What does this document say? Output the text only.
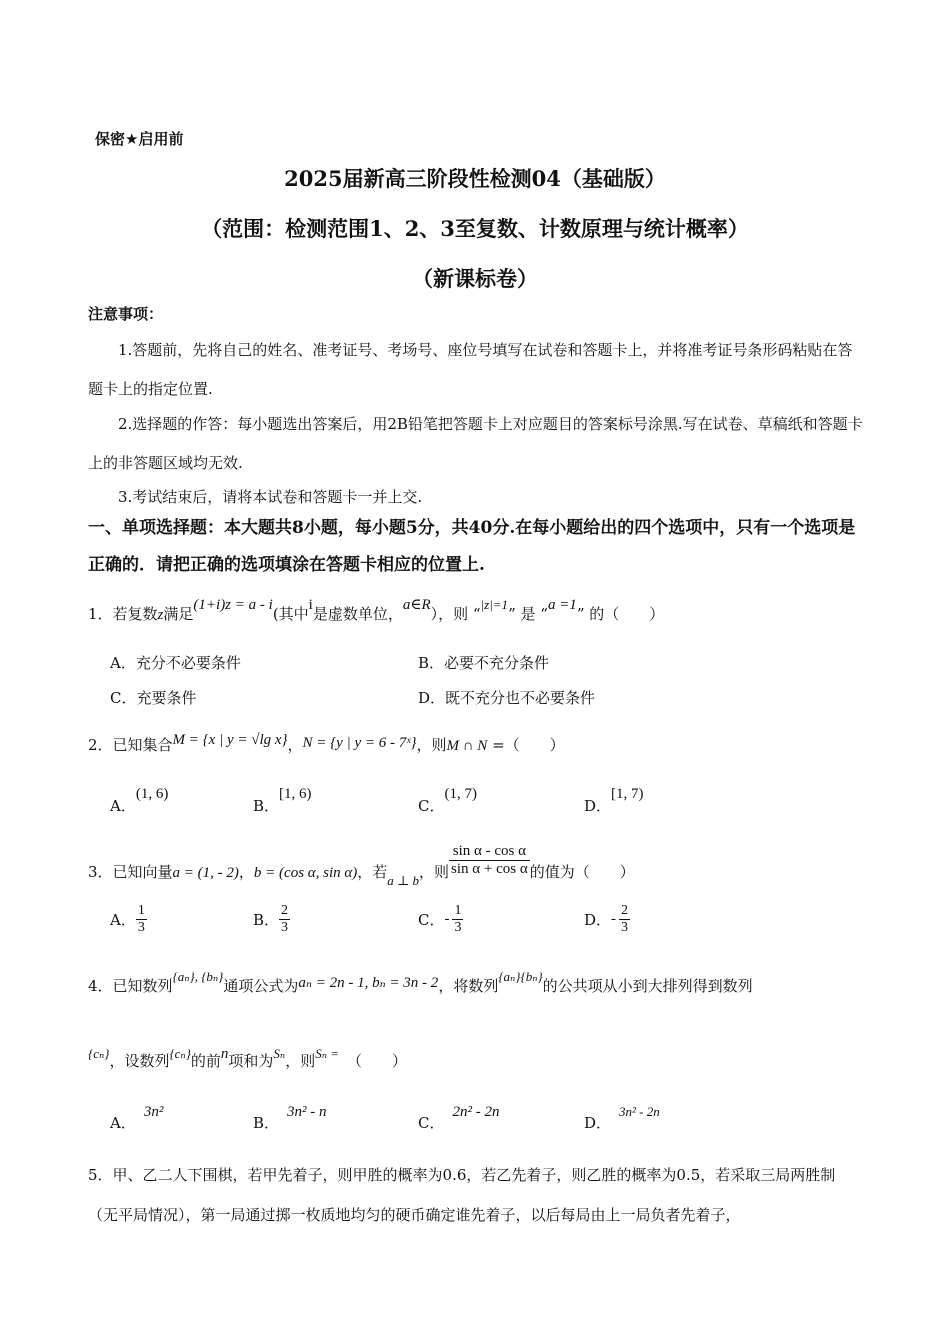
保密★启用前
2025届新高三阶段性检测04（基础版）
（范围：检测范围1、2、3至复数、计数原理与统计概率）
（新课标卷）
注意事项：
1.答题前，先将自己的姓名、准考证号、考场号、座位号填写在试卷和答题卡上，并将准考证号条形码粘贴在答题卡上的指定位置.
2.选择题的作答：每小题选出答案后，用2B铅笔把答题卡上对应题目的答案标号涂黑.写在试卷、草稿纸和答题卡上的非答题区域均无效.
3.考试结束后，请将本试卷和答题卡一并上交.
一、单项选择题：本大题共8小题，每小题5分，共40分.在每小题给出的四个选项中，只有一个选项是正确的．请把正确的选项填涂在答题卡相应的位置上.
1．若复数z满足(1+i)z = a - i(其中i是虚数单位，a∈R），则 “|z|=1” 是 “a =1” 的（　　）
A．充分不必要条件	B．必要不充分条件
C．充要条件	D．既不充分也不必要条件
2．已知集合M = {x | y = √lg x}，N = {y | y = 6 - 7ˣ}，则M ∩ N =（　　）
A．(1, 6)
B．[1, 6)
C．(1, 7)
D．[1, 7)
3．已知向量a = (1, - 2)，b = (cos α, sin α)，若a ⊥ b，则 $\frac{\text{sin α - cos α}}{\text{sin α + cos α}}$ 的值为（　　）
A． $\frac{1}{3}$	B． $\frac{2}{3}$	C．- $\frac{1}{3}$	D．- $\frac{2}{3}$
4．已知数列{aₙ}, {bₙ}通项公式为aₙ = 2n - 1, bₙ = 3n - 2，将数列{aₙ}{bₙ}的公共项从小到大排列得到数列
{cₙ}，设数列{cₙ}的前n项和为Sₙ，则Sₙ = （　　）
A．3n²
B．3n² - n
C．2n² - 2n
D．3n² - 2n
5．甲、乙二人下围棋，若甲先着子，则甲胜的概率为0.6，若乙先着子，则乙胜的概率为0.5，若采取三局两胜制（无平局情况），第一局通过掷一枚质地均匀的硬币确定谁先着子，以后每局由上一局负者先着子，
